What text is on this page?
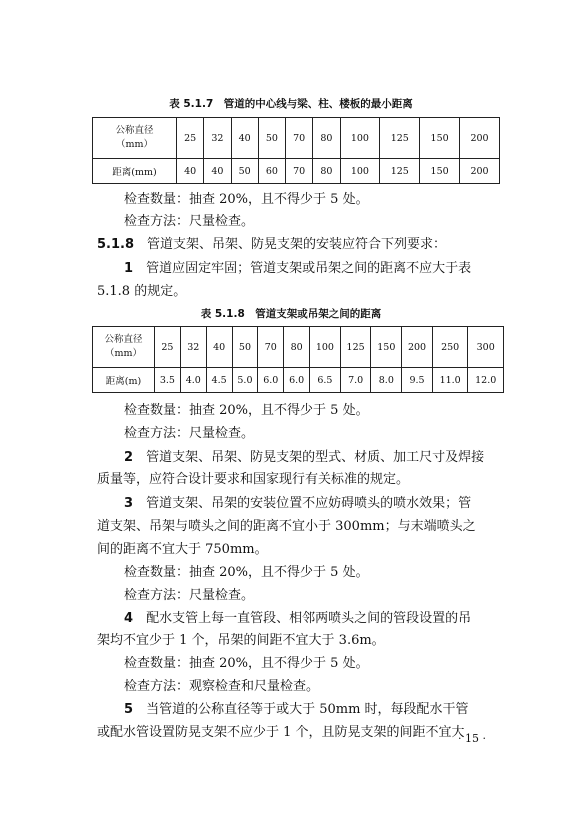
表 5.1.7　管道的中心线与梁、柱、楼板的最小距离
公称直径
（mm）	25	32	40	50	70	80	100	125	150	200
距离(mm)	40	40	50	60	70	80	100	125	150	200
检查数量：抽查 20%，且不得少于 5 处。
检查方法：尺量检查。
5.1.8　 管道支架、吊架、防晃支架的安装应符合下列要求：
1　 管道应固定牢固；管道支架或吊架之间的距离不应大于表
5.1.8 的规定。
表 5.1.8　管道支架或吊架之间的距离
公称直径
（mm）	25	32	40	50	70	80	100	125	150	200	250	300
距离(m)	3.5	4.0	4.5	5.0	6.0	6.0	6.5	7.0	8.0	9.5	11.0	12.0
检查数量：抽查 20%，且不得少于 5 处。
检查方法：尺量检查。
2　 管道支架、吊架、防晃支架的型式、材质、加工尺寸及焊接
质量等，应符合设计要求和国家现行有关标准的规定。
3　 管道支架、吊架的安装位置不应妨碍喷头的喷水效果；管
道支架、吊架与喷头之间的距离不宜小于 300mm；与末端喷头之
间的距离不宜大于 750mm。
检查数量：抽查 20%，且不得少于 5 处。
检查方法：尺量检查。
4　 配水支管上每一直管段、相邻两喷头之间的管段设置的吊
架均不宜少于 1 个，吊架的间距不宜大于 3.6m。
检查数量：抽查 20%，且不得少于 5 处。
检查方法：观察检查和尺量检查。
5　 当管道的公称直径等于或大于 50mm 时，每段配水干管
或配水管设置防晃支架不应少于 1 个，且防晃支架的间距不宜大
· 15 ·
